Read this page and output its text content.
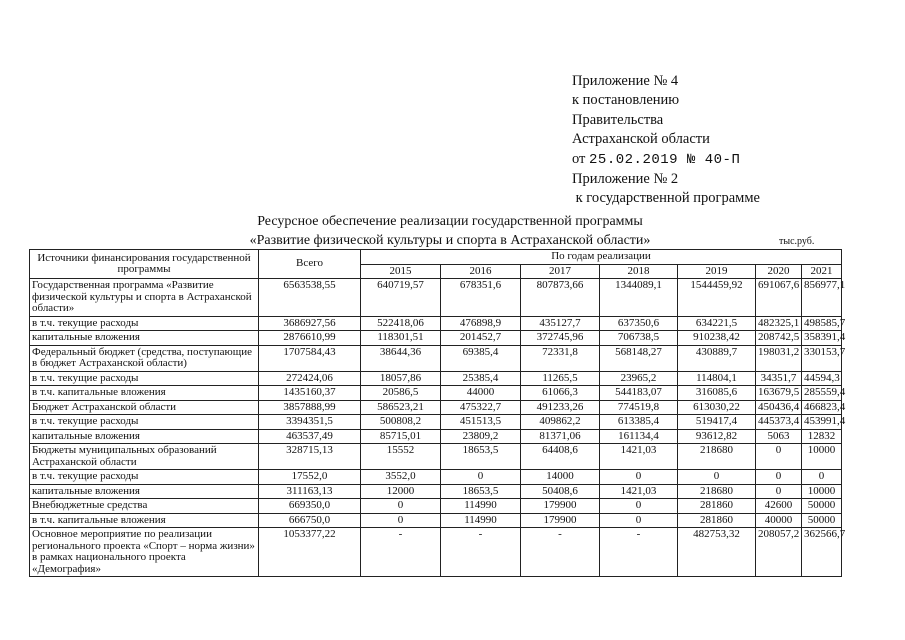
Приложение № 4
к постановлению
Правительства
Астраханской области
от 25.02.2019 № 40-П
Приложение № 2
к государственной программе
Ресурсное обеспечение реализации государственной программы
«Развитие физической культуры и спорта в Астраханской области»	тыс.руб.
Источники финансирования государственной программы	Всего	По годам реализации						
		2015	2016	2017	2018	2019	2020	2021
Государственная программа «Развитие физической культуры и спорта в Астраханской области»	6563538,55	640719,57	678351,6	807873,66	1344089,1	1544459,92	691067,6	856977,1
в т.ч. текущие расходы	3686927,56	522418,06	476898,9	435127,7	637350,6	634221,5	482325,1	498585,7
капитальные вложения	2876610,99	118301,51	201452,7	372745,96	706738,5	910238,42	208742,5	358391,4
Федеральный бюджет (средства, поступающие в бюджет Астраханской области)	1707584,43	38644,36	69385,4	72331,8	568148,27	430889,7	198031,2	330153,7
в т.ч. текущие расходы	272424,06	18057,86	25385,4	11265,5	23965,2	114804,1	34351,7	44594,3
в т.ч. капитальные вложения	1435160,37	20586,5	44000	61066,3	544183,07	316085,6	163679,5	285559,4
Бюджет Астраханской области	3857888,99	586523,21	475322,7	491233,26	774519,8	613030,22	450436,4	466823,4
в т.ч. текущие расходы	3394351,5	500808,2	451513,5	409862,2	613385,4	519417,4	445373,4	453991,4
капитальные вложения	463537,49	85715,01	23809,2	81371,06	161134,4	93612,82	5063	12832
Бюджеты муниципальных образований Астраханской области	328715,13	15552	18653,5	64408,6	1421,03	218680	0	10000
в т.ч. текущие расходы	17552,0	3552,0	0	14000	0	0	0	0
капитальные вложения	311163,13	12000	18653,5	50408,6	1421,03	218680	0	10000
Внебюджетные средства	669350,0	0	114990	179900	0	281860	42600	50000
в т.ч. капитальные вложения	666750,0	0	114990	179900	0	281860	40000	50000
Основное мероприятие по реализации регионального проекта «Спорт – норма жизни» в рамках национального проекта «Демография»	1053377,22	-	-	-	-	482753,32	208057,2	362566,7
